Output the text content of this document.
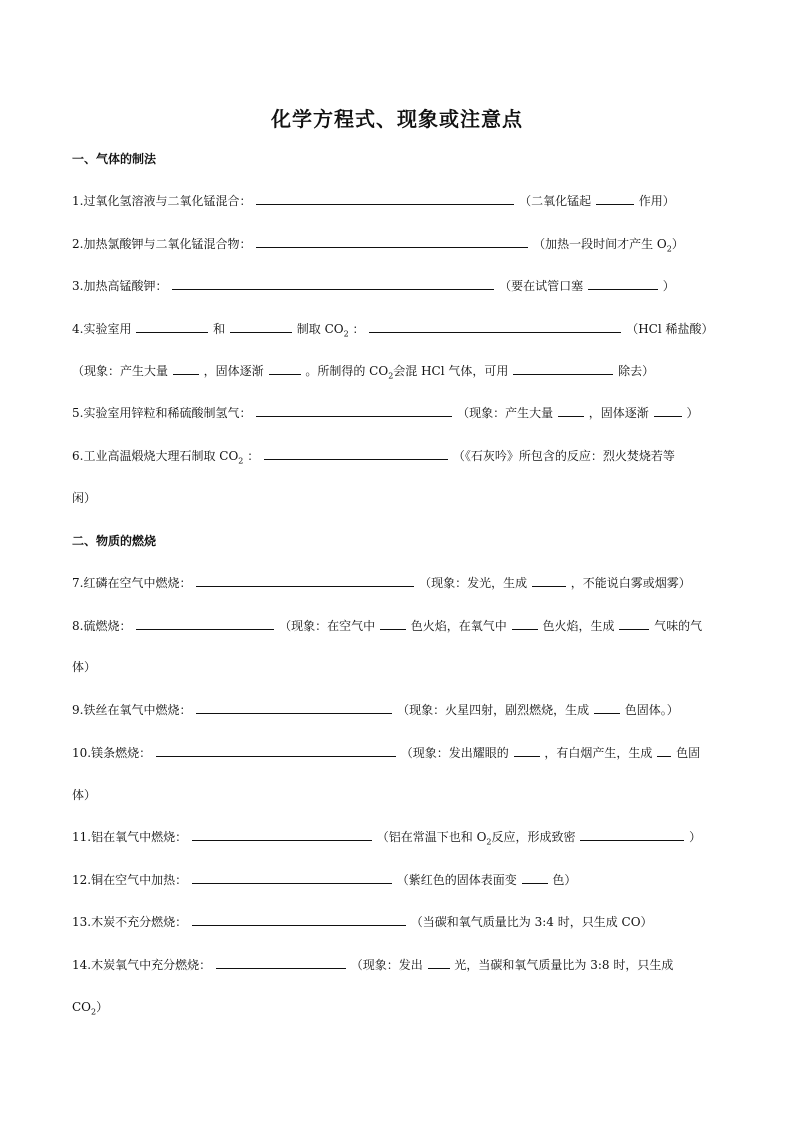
化学方程式、现象或注意点
一、气体的制法
1.过氧化氢溶液与二氧化锰混合：	（二氧化锰起	作用）
2.加热氯酸钾与二氧化锰混合物：	（加热一段时间才产生 $O_2$）
3.加热高锰酸钾：	（要在试管口塞	）
4.实验室用	和	制取 $CO_2$ ：	（HCl 稀盐酸）
（现象：产生大量	，固体逐渐	。所制得的 $CO_2$会混 HCl 气体，可用	除去）
5.实验室用锌粒和稀硫酸制氢气：	（现象：产生大量	，固体逐渐	）
6.工业高温煅烧大理石制取 $CO_2$ ：	（《石灰吟》所包含的反应：烈火焚烧若等
闲）
二、物质的燃烧
7.红磷在空气中燃烧：	（现象：发光，生成	，不能说白雾或烟雾）
8.硫燃烧：	（现象：在空气中	色火焰，在氧气中	色火焰，生成	气味的气
体）
9.铁丝在氧气中燃烧：	（现象：火星四射，剧烈燃烧，生成	色固体。）
10.镁条燃烧：	（现象：发出耀眼的	，有白烟产生，生成 色固
体）
11.铝在氧气中燃烧：	（铝在常温下也和 $O_2$反应，形成致密	）
12.铜在空气中加热：	（紫红色的固体表面变	色）
13.木炭不充分燃烧：	（当碳和氧气质量比为 3:4 时，只生成 CO）
14.木炭氧气中充分燃烧：	（现象：发出	光，当碳和氧气质量比为 3:8 时，只生成
$CO_2$）
